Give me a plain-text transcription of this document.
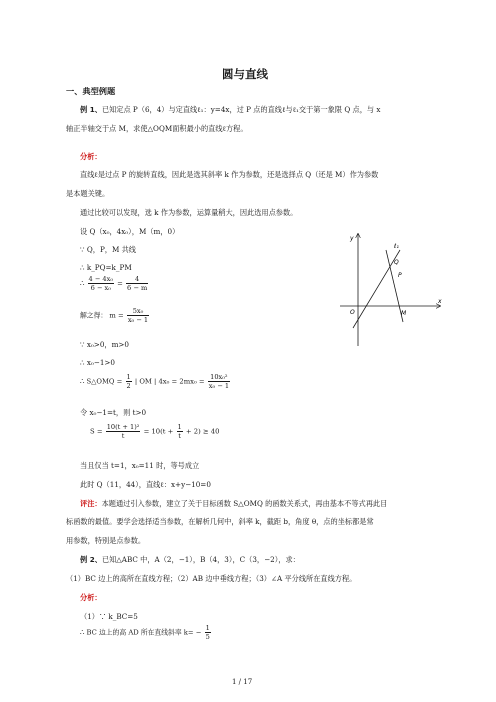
圆与直线
一、典型例题
例 1、已知定点 P（6，4）与定直线ℓ₁：y=4x，过 P 点的直线ℓ与ℓ₁交于第一象限 Q 点，与 x
轴正半轴交于点 M，求使△OQM面积最小的直线ℓ方程。
分析：
直线ℓ是过点 P 的旋转直线，因此是选其斜率 k 作为参数，还是选择点 Q（还是 M）作为参数
是本题关键。
通过比较可以发现，选 k 作为参数，运算量稍大，因此选用点参数。
设 Q（x₀，4x₀），M（m，0）
∵ Q，P，M 共线
∴ k_PQ=k_PM
∴ $\frac{\text{4 − 4x₀}}{\text{6 − x₀}} = \frac{4}{6 - m}$
解之得： $m = \frac{\text{5x₀}}{\text{x₀ − 1}}$
∵ x₀>0，m>0
∴ x₀−1>0
∴ S△OMQ = $\frac{1}{2}$ | OM | $4x_0 = 2mx_0 = \frac{\text{10x₀²}}{\text{x₀ − 1}}$
令 x₀−1=t，则 t>0
$S = \frac{\text{10(t + 1)²}}{t} = 10(t + \frac{1}{t} + 2) \ge 40$
当且仅当 t=1，x₀=11 时，等号成立
此时 Q（11，44），直线ℓ：x+y−10=0
评注：本题通过引入参数，建立了关于目标函数 S△OMQ 的函数关系式，再由基本不等式再此目
标函数的最值。要学会选择适当参数，在解析几何中，斜率 k，截距 b，角度 θ，点的坐标都是常
用参数，特别是点参数。
例 2、已知△ABC 中，A（2，−1），B（4，3），C（3，−2），求：
（1）BC 边上的高所在直线方程；（2）AB 边中垂线方程；（3）∠A 平分线所在直线方程。
分析：
（1）∵ k_BC=5
∴ BC 边上的高 AD 所在直线斜率 $k= - \frac{1}{5}$
y
x
ℓ₁
Q
P
O	M
1 / 17
